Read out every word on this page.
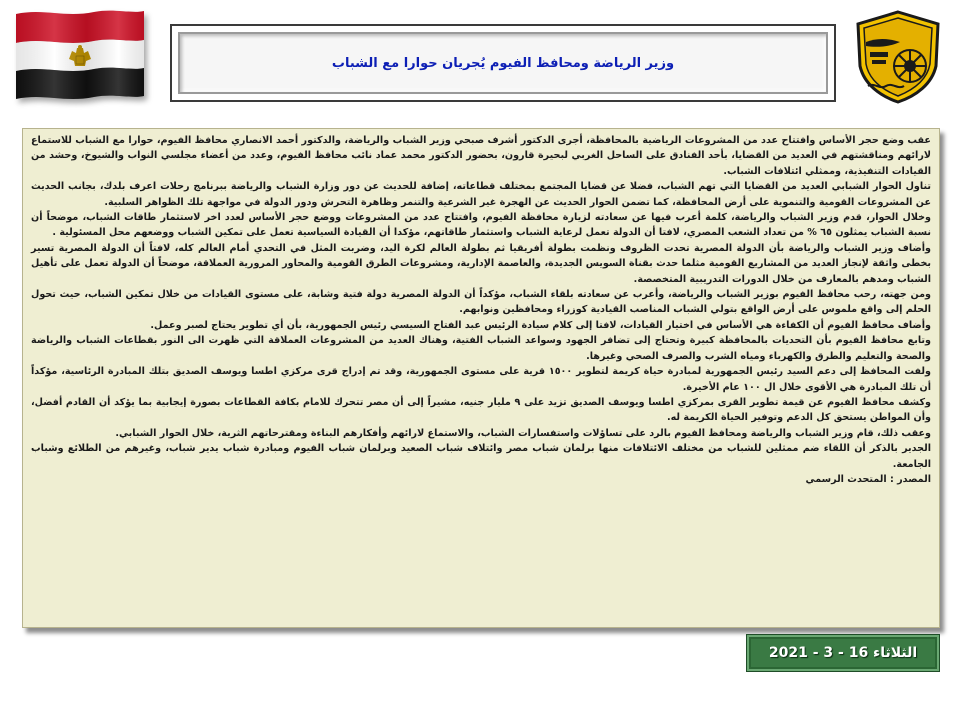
وزير الرياضة ومحافظ الفيوم يُجريان حوارا مع الشباب

عقب وضع حجر الأساس وافتتاح عدد من المشروعات الرياضية بالمحافظة، أجرى الدكتور أشرف صبحي وزير الشباب والرياضة، والدكتور أحمد الانصاري محافظ الفيوم، حوارا مع الشباب للاستماع لارائهم ومناقشتهم في العديد من القضايا، بأحد الفنادق على الساحل الغربي لبحيرة قارون، بحضور الدكتور محمد عماد نائب محافظ الفيوم، وعدد من أعضاء مجلسي النواب والشيوخ، وحشد من القيادات التنفيذية، وممثلي ائتلافات الشباب.

تناول الحوار الشبابي العديد من القضايا التي تهم الشباب، فضلا عن قضايا المجتمع بمختلف قطاعاته، إضافة للحديث عن دور وزارة الشباب والرياضة ببرنامج رحلات اعرف بلدك، بجانب الحديث عن المشروعات القومية والتنموية على أرض المحافظة، كما تضمن الحوار الحديث عن الهجرة غير الشرعية والتنمر وظاهرة التحرش ودور الدولة في مواجهة تلك الظواهر السلبية.

وخلال الحوار، قدم وزير الشباب والرياضة، كلمة أعرب فيها عن سعادته لزيارة محافظة الفيوم، وافتتاح عدد من المشروعات ووضع حجر الأساس لعدد اخر لاستثمار طاقات الشباب، موضحاً أن نسبة الشباب يمثلون ٦٥ % من تعداد الشعب المصري، لافتا أن الدولة تعمل لرعاية الشباب واستثمار طاقاتهم، مؤكدا أن القيادة السياسية تعمل على تمكين الشباب ووضعهم محل المسئولية .

وأضاف وزير الشباب والرياضة بأن الدولة المصرية تحدت الظروف ونظمت بطولة أفريقيا ثم بطولة العالم لكرة اليد، وضربت المثل في التحدي أمام العالم كله، لافتاً أن الدولة المصرية تسير بخطى واثقة لإنجاز العديد من المشاريع القومية مثلما حدث بقناة السويس الجديدة، والعاصمة الإدارية، ومشروعات الطرق القومية والمحاور المرورية العملاقة، موضحاً أن الدولة تعمل على تأهيل الشباب ومدهم بالمعارف من خلال الدورات التدريبية المتخصصة.

ومن جهته، رحب محافظ الفيوم بوزير الشباب والرياضة، وأعرب عن سعادته بلقاء الشباب، مؤكداً أن الدولة المصرية دولة فتية وشابة، على مستوى القيادات من خلال تمكين الشباب، حيث تحول الحلم إلى واقع ملموس على أرض الواقع بتولي الشباب المناصب القيادية كوزراء ومحافظين ونوابهم.

وأضاف محافظ الفيوم أن الكفاءة هي الأساس في اختيار القيادات، لافتا إلى كلام سيادة الرئيس عبد الفتاح السيسي رئيس الجمهورية، بأن أي تطوير يحتاج لصبر وعمل.

وتابع محافظ الفيوم بأن التحديات بالمحافظة كبيرة وتحتاج إلى تضافر الجهود وسواعد الشباب الفتية، وهناك العديد من المشروعات العملاقة التي ظهرت الى النور بقطاعات الشباب والرياضة والصحة والتعليم والطرق والكهرباء ومياه الشرب والصرف الصحي وغيرها.

ولفت المحافظ إلى دعم السيد رئيس الجمهورية لمبادرة حياة كريمة لتطوير ١٥٠٠ قرية على مستوى الجمهورية، وقد تم إدراج قرى مركزي اطسا ويوسف الصديق بتلك المبادرة الرئاسية، مؤكداً أن تلك المبادرة هي الأقوى خلال ال ١٠٠ عام الأخيرة.

وكشف محافظ الفيوم عن قيمة تطوير القرى بمركزي اطسا ويوسف الصديق تزيد على ٩ مليار جنيه، مشيراً إلى أن مصر تتحرك للامام بكافة القطاعات بصورة إيجابية بما يؤكد أن القادم أفضل، وأن المواطن يستحق كل الدعم وتوفير الحياة الكريمة له.

وعقب ذلك، قام وزير الشباب والرياضة ومحافظ الفيوم بالرد على تساؤلات واستفسارات الشباب، والاستماع لارائهم وأفكارهم البناءة ومقترحاتهم الثرية، خلال الحوار الشبابي.

الجدير بالذكر أن اللقاء ضم ممثلين للشباب من مختلف الائتلافات منها برلمان شباب مصر وائتلاف شباب الصعيد وبرلمان شباب الفيوم ومبادرة شباب يدير شباب، وغيرهم من الطلائع وشباب الجامعة.

المصدر : المتحدث الرسمي

الثلاثاء 16 - 3 - 2021
